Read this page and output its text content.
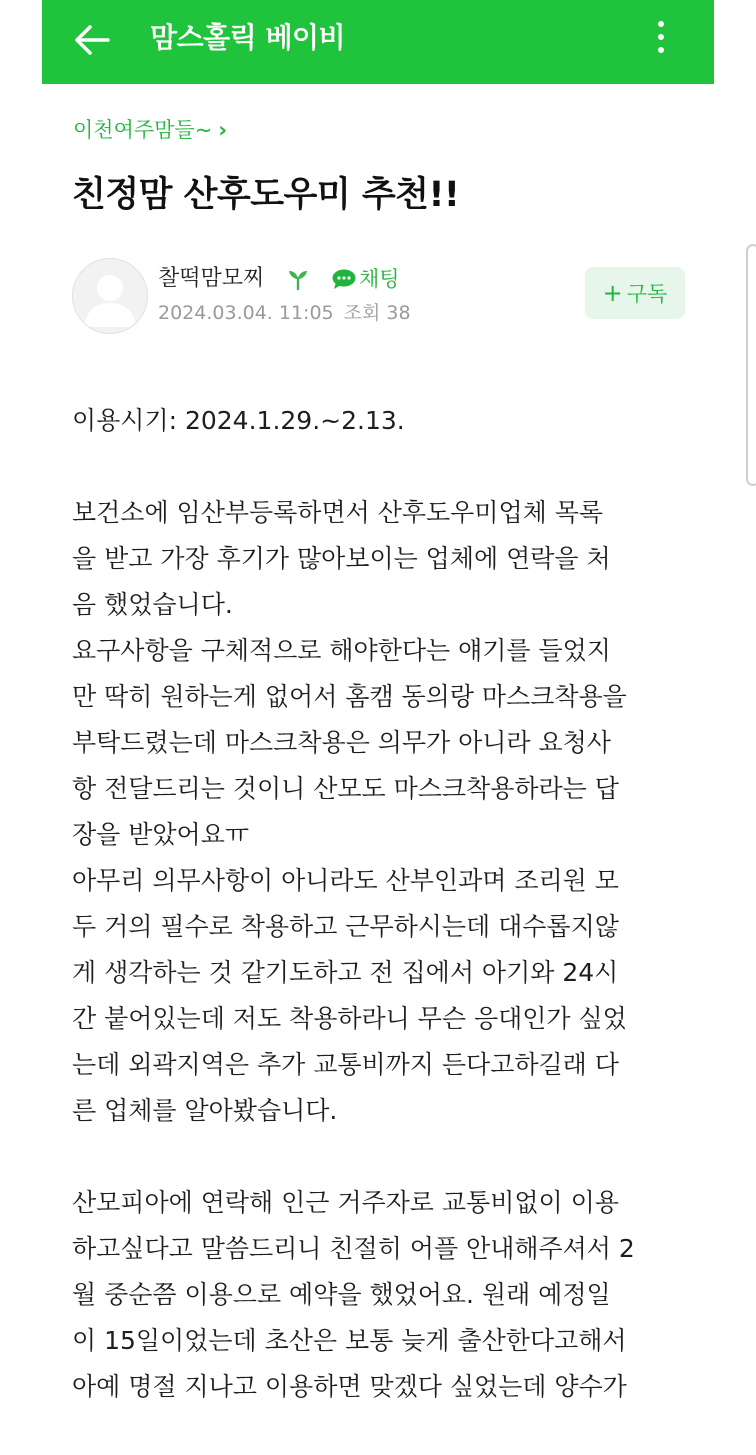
맘스홀릭 베이비
이천여주맘들~ ›
친정맘 산후도우미 추천!!
찰떡맘모찌	채팅
2024.03.04. 11:05 조회 38
+ 구독

이용시기: 2024.1.29.~2.13.

보건소에 임산부등록하면서 산후도우미업체 목록

을 받고 가장 후기가 많아보이는 업체에 연락을 처

음 했었습니다.

요구사항을 구체적으로 해야한다는 얘기를 들었지

만 딱히 원하는게 없어서 홈캠 동의랑 마스크착용을

부탁드렸는데 마스크착용은 의무가 아니라 요청사

항 전달드리는 것이니 산모도 마스크착용하라는 답

장을 받았어요ㅠ

아무리 의무사항이 아니라도 산부인과며 조리원 모

두 거의 필수로 착용하고 근무하시는데 대수롭지않

게 생각하는 것 같기도하고 전 집에서 아기와 24시

간 붙어있는데 저도 착용하라니 무슨 응대인가 싶었

는데 외곽지역은 추가 교통비까지 든다고하길래 다

른 업체를 알아봤습니다.

산모피아에 연락해 인근 거주자로 교통비없이 이용

하고싶다고 말씀드리니 친절히 어플 안내해주셔서 2

월 중순쯤 이용으로 예약을 했었어요. 원래 예정일

이 15일이었는데 초산은 보통 늦게 출산한다고해서

아예 명절 지나고 이용하면 맞겠다 싶었는데 양수가
